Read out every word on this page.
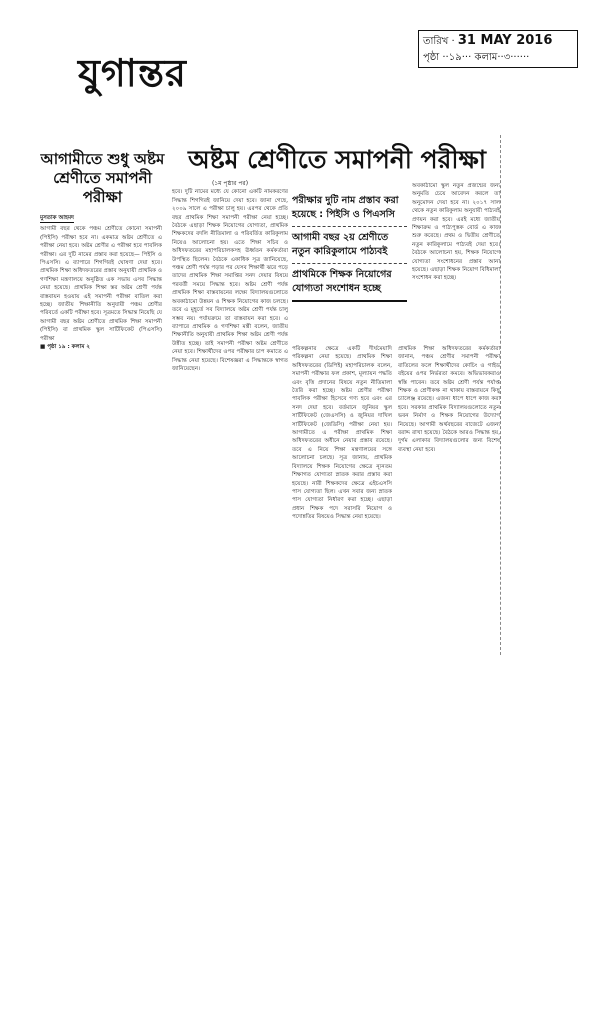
যুগান্তর
তারিখ · 31 MAY 2016
পৃষ্ঠা ··১৯··· কলাম··৩······
অষ্টম শ্রেণীতে সমাপনী পরীক্ষা
আগামীতে শুধু অষ্টম শ্রেণীতে সমাপনী পরীক্ষা
মুসতাক আহমদ
আগামী বছর থেকে পঞ্চম শ্রেণীতে কোনো সমাপনী (পিইসি) পরীক্ষা হবে না। একমাত্র অষ্টম শ্রেণীতে এ পরীক্ষা নেয়া হবে। অষ্টম শ্রেণীর এ পরীক্ষা হবে পাবলিক পরীক্ষা। এর দুটি নামের প্রস্তাব করা হয়েছে— পিইসি ও পিএসসি। এ ব্যাপারে শিগগিরই ঘোষণা দেয়া হবে। প্রাথমিক শিক্ষা অধিদফতরের প্রস্তাব অনুযায়ী প্রাথমিক ও গণশিক্ষা মন্ত্রণালয়ে অনুষ্ঠিত এক সভায় এসব সিদ্ধান্ত নেয়া হয়েছে। প্রাথমিক শিক্ষা স্তর অষ্টম শ্রেণী পর্যন্ত বাস্তবায়ন হওয়ায় এই সমাপনী পরীক্ষা বাতিল করা হচ্ছে। জাতীয় শিক্ষানীতি অনুযায়ী পঞ্চম শ্রেণীর পরিবর্তে একটি পরীক্ষা হবে। সূত্রমতে সিদ্ধান্ত নিয়েছি যে আগামী বছর অষ্টম শ্রেণীতে প্রাথমিক শিক্ষা সমাপনী (পিইসি) বা প্রাথমিক স্কুল সার্টিফিকেট (পিএসসি) পরীক্ষা
■ পৃষ্ঠা ১৯ : কলাম ২
(১ম পৃষ্ঠার পর)
হবে। দুটি নামের মধ্যে যে কোনো একটি নামকরণের সিদ্ধান্ত শিগগিরই জানিয়ে দেয়া হবে। জানা গেছে, ২০০৯ সালে এ পরীক্ষা চালু হয়। এরপর থেকে প্রতি বছর প্রাথমিক শিক্ষা সমাপনী পরীক্ষা নেয়া হচ্ছে। বৈঠকে এছাড়া শিক্ষক নিয়োগের যোগ্যতা, প্রাথমিক শিক্ষকদের বদলি নীতিমালা ও পরিবর্তিত কারিকুলাম নিয়েও আলোচনা হয়। এতে শিক্ষা সচিব ও অধিদফতরের মহাপরিচালকসহ ঊর্ধ্বতন কর্মকর্তারা উপস্থিত ছিলেন। বৈঠকে একাধিক সূত্র জানিয়েছে, পঞ্চম শ্রেণী পর্যন্ত পড়ার পর যেসব শিক্ষার্থী ঝরে পড়ে তাদের প্রাথমিক শিক্ষা সমাপ্তির সনদ দেয়ার বিষয়ে পরবর্তী সময়ে সিদ্ধান্ত হবে। অষ্টম শ্রেণী পর্যন্ত প্রাথমিক শিক্ষা বাস্তবায়নের লক্ষ্যে বিদ্যালয়গুলোতে অবকাঠামো উন্নয়ন ও শিক্ষক নিয়োগের কাজ চলছে। তবে এ মুহূর্তে সব বিদ্যালয়ে অষ্টম শ্রেণী পর্যন্ত চালু সম্ভব নয়। পর্যায়ক্রমে তা বাস্তবায়ন করা হবে। এ ব্যাপারে প্রাথমিক ও গণশিক্ষা মন্ত্রী বলেন, জাতীয় শিক্ষানীতি অনুযায়ী প্রাথমিক শিক্ষা অষ্টম শ্রেণী পর্যন্ত উন্নীত হচ্ছে। তাই সমাপনী পরীক্ষা অষ্টম শ্রেণীতে নেয়া হবে। শিক্ষার্থীদের ওপর পরীক্ষার চাপ কমাতে এ সিদ্ধান্ত নেয়া হয়েছে। বিশেষজ্ঞরা এ সিদ্ধান্তকে স্বাগত জানিয়েছেন।
পরীক্ষার দুটি নাম প্রস্তাব করা হয়েছে : পিইসি ও পিএসসি
আগামী বছর ২য় শ্রেণীতে নতুন কারিকুলামে পাঠ্যবই
প্রাথমিকে শিক্ষক নিয়োগের যোগ্যতা সংশোধন হচ্ছে
অবকাঠামো স্কুল নতুন প্রজন্মের জন্য অনুমতি চেয়ে আবেদন করলে তা অনুমোদন দেয়া হবে না। ২০১৭ সাল থেকে নতুন কারিকুলাম অনুযায়ী পাঠ্যবই প্রণয়ন করা হবে। এরই মধ্যে জাতীয় শিক্ষাক্রম ও পাঠ্যপুস্তক বোর্ড এ কাজ শুরু করেছে। প্রথম ও দ্বিতীয় শ্রেণীতে নতুন কারিকুলামে পাঠ্যবই দেয়া হবে। বৈঠকে আলোচনা হয়, শিক্ষক নিয়োগে যোগ্যতা সংশোধনের প্রস্তাব আনা হয়েছে। এছাড়া শিক্ষক নিয়োগ বিধিমালা সংশোধন করা হচ্ছে।
পরিকল্পনার ক্ষেত্রে একটি দীর্ঘমেয়াদি পরিকল্পনা নেয়া হয়েছে। প্রাথমিক শিক্ষা অধিদফতরের (ডিপিই) মহাপরিচালক বলেন, সমাপনী পরীক্ষার ফল প্রকাশ, মূল্যায়ন পদ্ধতি এবং বৃত্তি প্রদানের বিষয়ে নতুন নীতিমালা তৈরি করা হচ্ছে। অষ্টম শ্রেণীর পরীক্ষা পাবলিক পরীক্ষা হিসেবে গণ্য হবে এবং এর সনদ দেয়া হবে। বর্তমানে জুনিয়র স্কুল সার্টিফিকেট (জেএসসি) ও জুনিয়র দাখিল সার্টিফিকেট (জেডিসি) পরীক্ষা নেয়া হয়। আগামীতে এ পরীক্ষা প্রাথমিক শিক্ষা অধিদফতরের অধীনে নেয়ার প্রস্তাব রয়েছে। তবে এ নিয়ে শিক্ষা মন্ত্রণালয়ের সঙ্গে আলোচনা চলছে। সূত্র জানায়, প্রাথমিক বিদ্যালয়ে শিক্ষক নিয়োগের ক্ষেত্রে ন্যূনতম শিক্ষাগত যোগ্যতা স্নাতক করার প্রস্তাব করা হয়েছে। নারী শিক্ষকদের ক্ষেত্রে এইচএসসি পাস যোগ্যতা ছিল। এখন সবার জন্য স্নাতক পাস যোগ্যতা নির্ধারণ করা হচ্ছে। এছাড়া প্রধান শিক্ষক পদে সরাসরি নিয়োগ ও পদোন্নতির বিষয়েও সিদ্ধান্ত নেয়া হয়েছে।
প্রাথমিক শিক্ষা অধিদফতরের কর্মকর্তারা জানান, পঞ্চম শ্রেণীর সমাপনী পরীক্ষা বাতিলের ফলে শিক্ষার্থীদের কোচিং ও গাইড বইয়ের ওপর নির্ভরতা কমবে। অভিভাবকরাও স্বস্তি পাবেন। তবে অষ্টম শ্রেণী পর্যন্ত পর্যাপ্ত শিক্ষক ও শ্রেণীকক্ষ না থাকায় বাস্তবায়নে কিছু চ্যালেঞ্জ রয়েছে। এজন্য ধাপে ধাপে কাজ করা হবে। সরকার প্রাথমিক বিদ্যালয়গুলোতে নতুন ভবন নির্মাণ ও শিক্ষক নিয়োগের উদ্যোগ নিয়েছে। আগামী অর্থবছরের বাজেটে এজন্য বরাদ্দ রাখা হয়েছে। বৈঠকে আরও সিদ্ধান্ত হয়, দুর্গম এলাকার বিদ্যালয়গুলোর জন্য বিশেষ ব্যবস্থা নেয়া হবে।
